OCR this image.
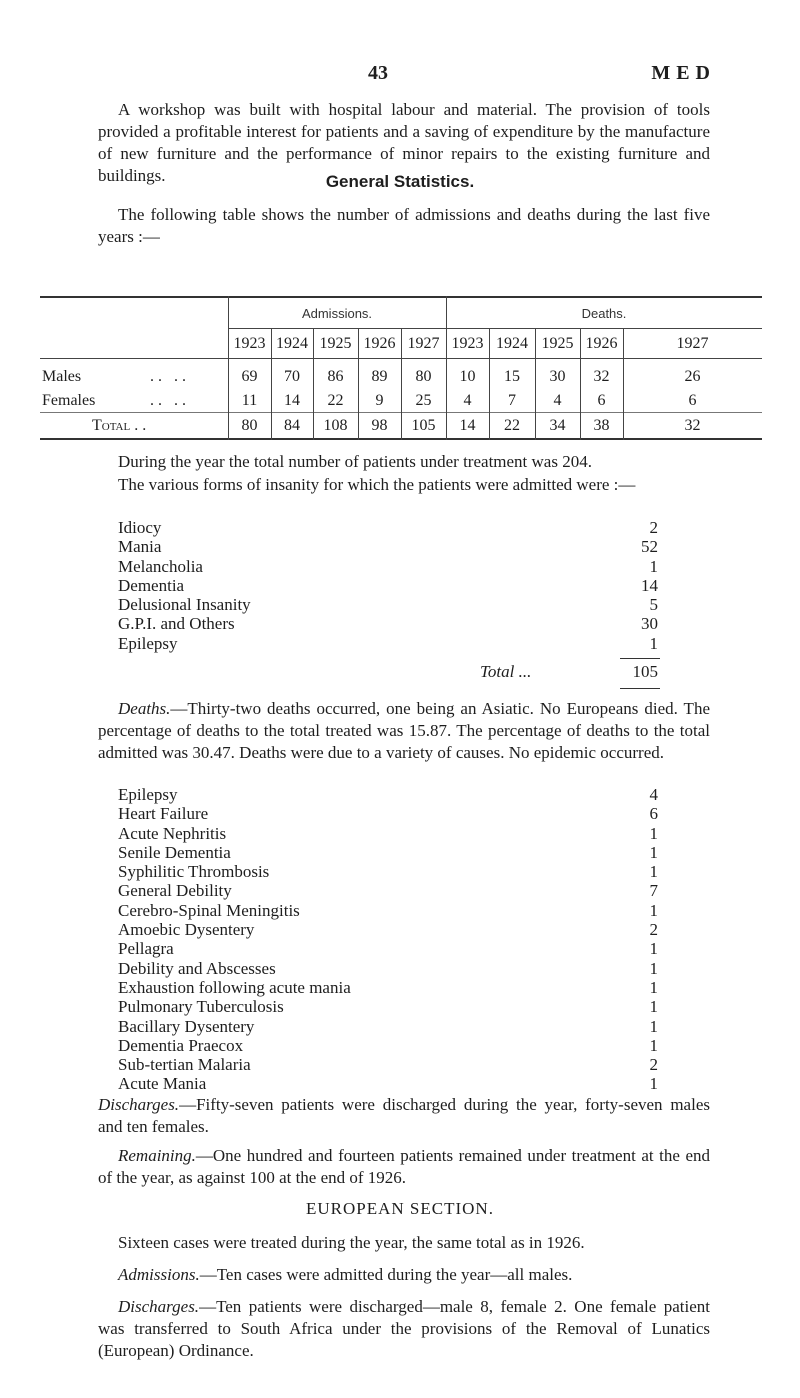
43	MED

A workshop was built with hospital labour and material. The provision of tools provided a profitable interest for patients and a saving of expenditure by the manufacture of new furniture and the performance of minor repairs to the existing furniture and buildings.	General Statistics.

The following table shows the number of admissions and deaths during the last five years :—

Admissions.	Deaths.
1923 1924 1925 1926 1927 1923 1924 1925 1926	1927
Males	. .   . .	69	70	86	89	80	10	15	30	32	26
Females	. .   . .	11	14	22	9	25	4	7	4	6	6
Total . .	80	84	108	98	105	14	22	34	38	32

During the year the total number of patients under treatment was 204.

The various forms of insanity for which the patients were admitted were :—

Idiocy	2
Mania	52
Melancholia	1
Dementia	14
Delusional Insanity	5
G.P.I. and Others	30
Epilepsy	1
Total ...	105

Deaths.—Thirty-two deaths occurred, one being an Asiatic. No Europeans died. The percentage of deaths to the total treated was 15.87. The percentage of deaths to the total admitted was 30.47. Deaths were due to a variety of causes. No epidemic occurred.

Epilepsy	4
Heart Failure	6
Acute Nephritis	1
Senile Dementia	1
Syphilitic Thrombosis	1
General Debility	7
Cerebro-Spinal Meningitis	1
Amoebic Dysentery	2
Pellagra	1
Debility and Abscesses	1
Exhaustion following acute mania	1
Pulmonary Tuberculosis	1
Bacillary Dysentery	1
Dementia Praecox	1
Sub-tertian Malaria	2
Acute Mania	1

Discharges.—Fifty-seven patients were discharged during the year, forty-seven males and ten females.

Remaining.—One hundred and fourteen patients remained under treatment at the end of the year, as against 100 at the end of 1926.

EUROPEAN SECTION.

Sixteen cases were treated during the year, the same total as in 1926.

Admissions.—Ten cases were admitted during the year—all males.

Discharges.—Ten patients were discharged—male 8, female 2. One female patient was transferred to South Africa under the provisions of the Removal of Lunatics (European) Ordinance.
